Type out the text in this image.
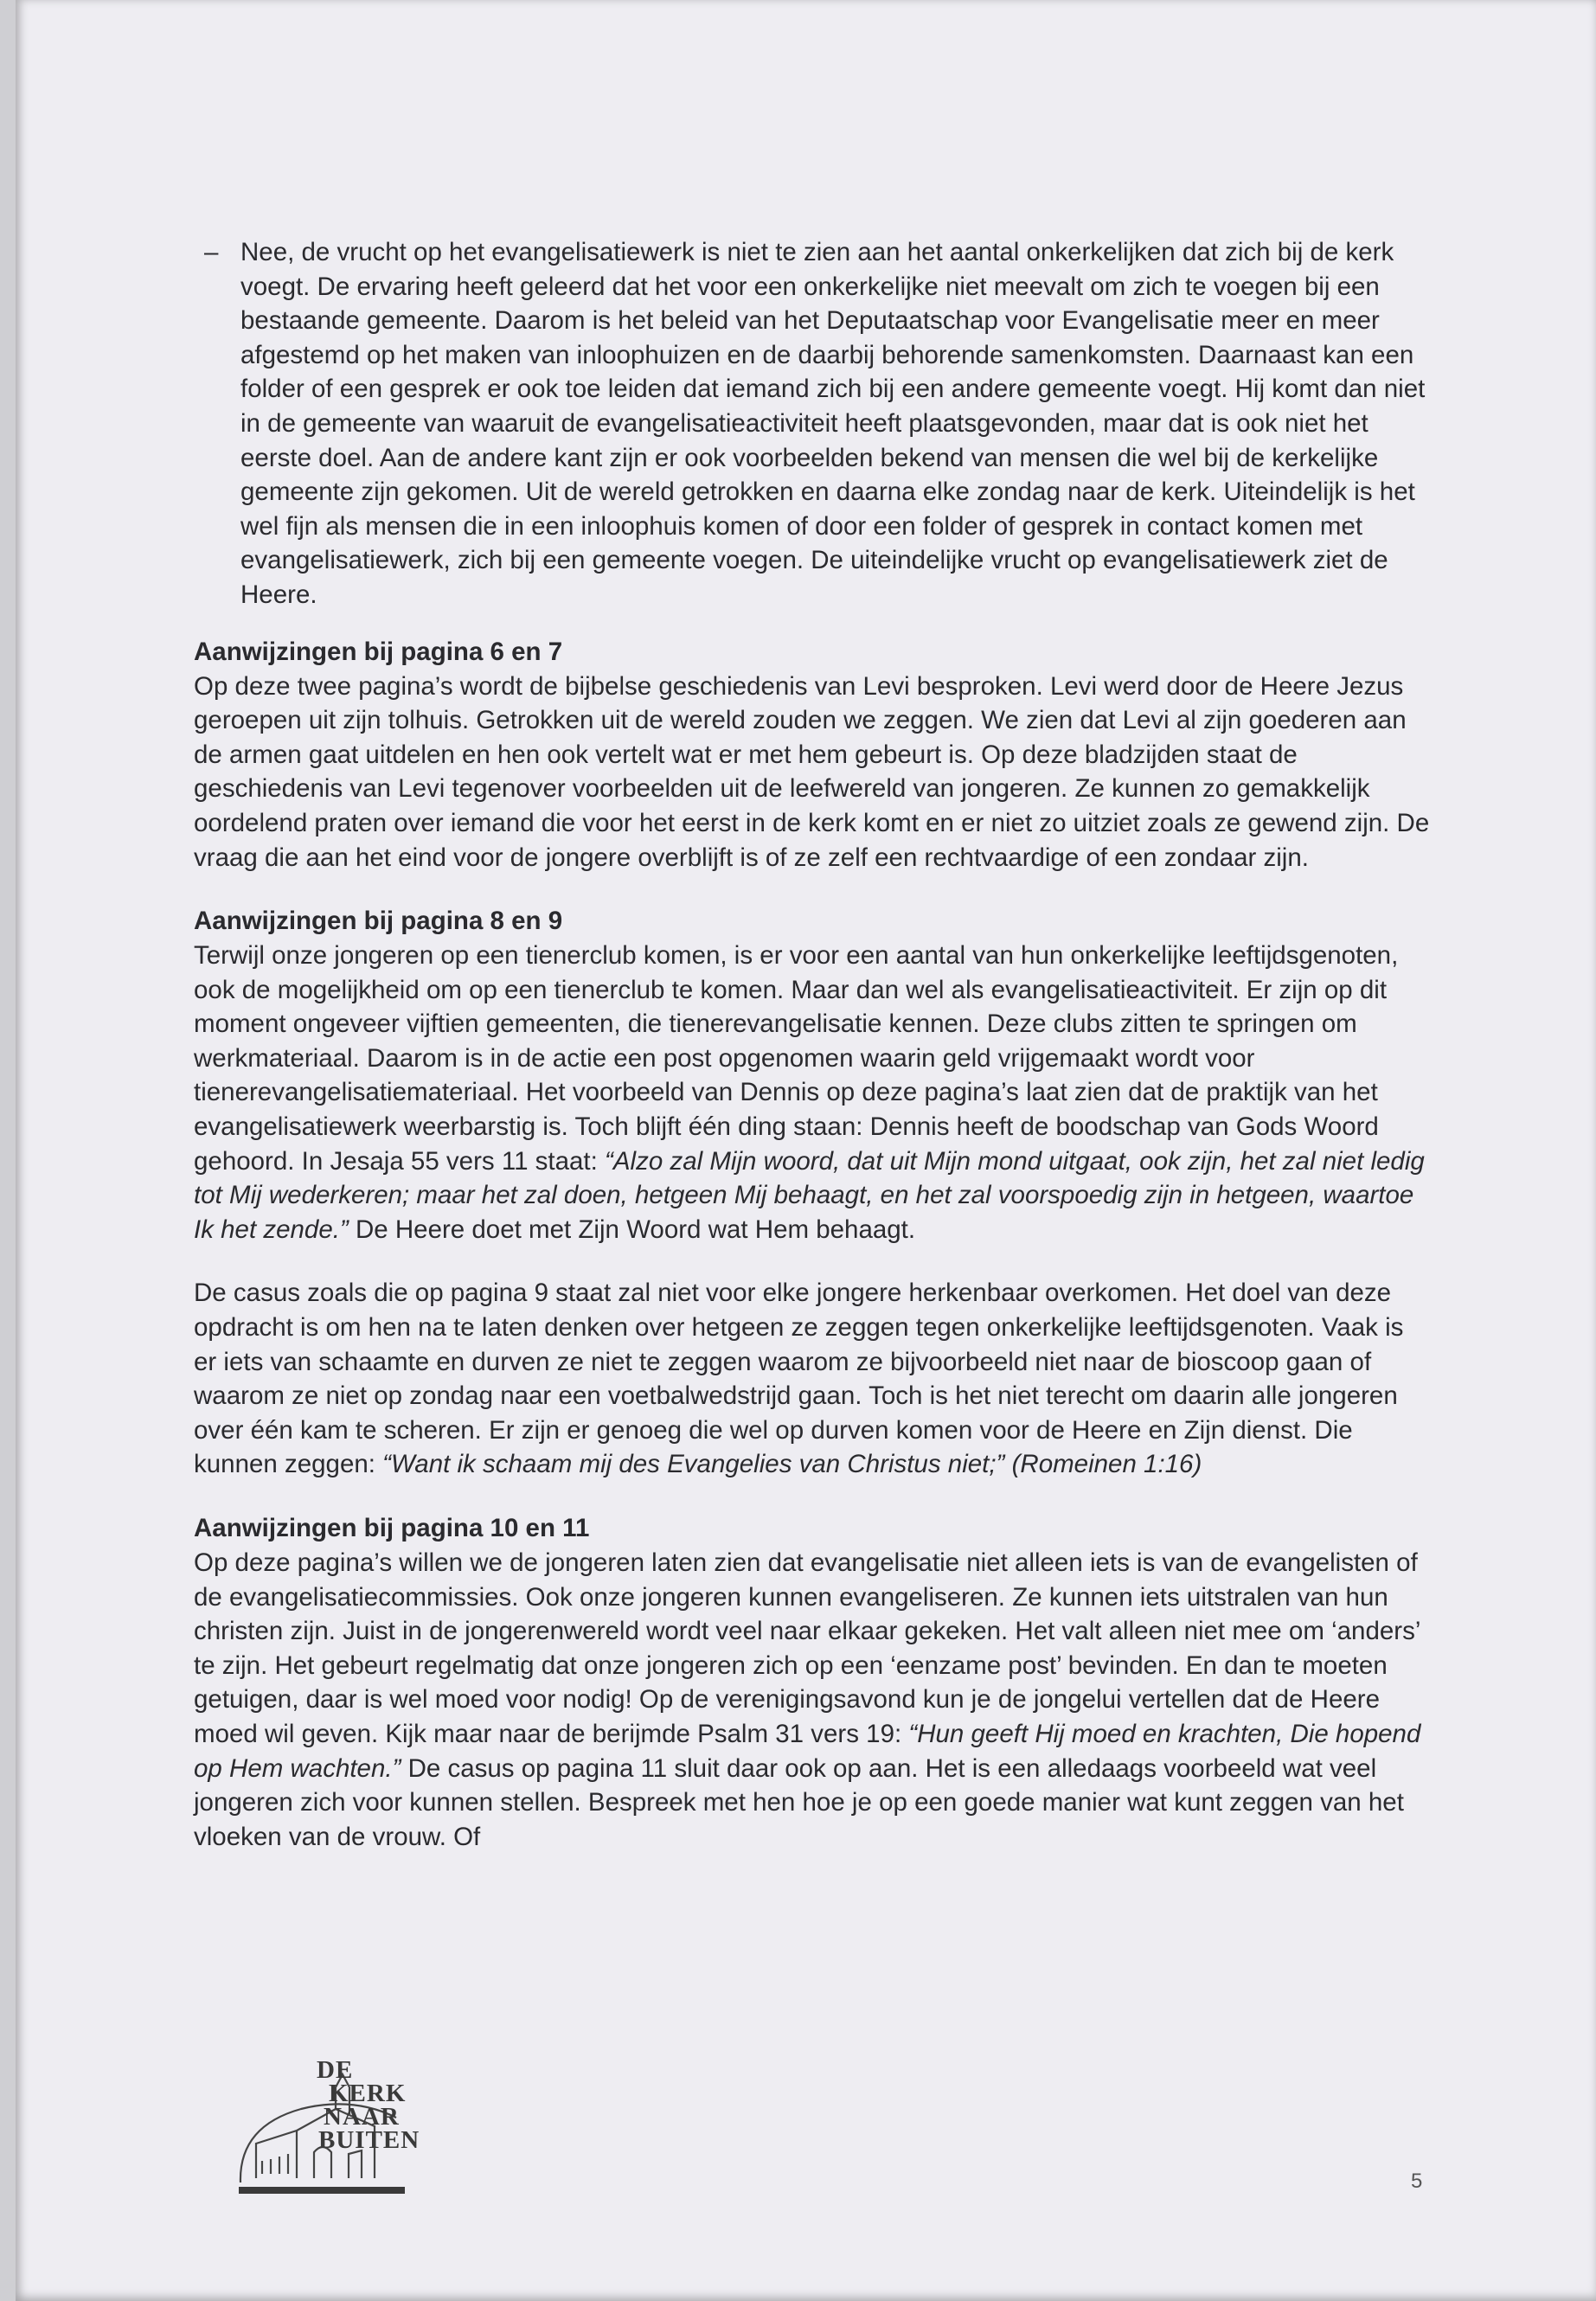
– Nee, de vrucht op het evangelisatiewerk is niet te zien aan het aantal onkerkelijken dat zich bij de kerk voegt. De ervaring heeft geleerd dat het voor een onkerkelijke niet meevalt om zich te voegen bij een bestaande gemeente. Daarom is het beleid van het Deputaatschap voor Evangelisatie meer en meer afgestemd op het maken van inloophuizen en de daarbij behorende samenkomsten. Daarnaast kan een folder of een gesprek er ook toe leiden dat iemand zich bij een andere gemeente voegt. Hij komt dan niet in de gemeente van waaruit de evangelisatieactiviteit heeft plaatsgevonden, maar dat is ook niet het eerste doel. Aan de andere kant zijn er ook voorbeelden bekend van mensen die wel bij de kerkelijke gemeente zijn gekomen. Uit de wereld getrokken en daarna elke zondag naar de kerk. Uiteindelijk is het wel fijn als mensen die in een inloophuis komen of door een folder of gesprek in contact komen met evangelisatiewerk, zich bij een gemeente voegen. De uiteindelijke vrucht op evangelisatiewerk ziet de Heere.
Aanwijzingen bij pagina 6 en 7

Op deze twee pagina’s wordt de bijbelse geschiedenis van Levi besproken. Levi werd door de Heere Jezus geroepen uit zijn tolhuis. Getrokken uit de wereld zouden we zeggen. We zien dat Levi al zijn goederen aan de armen gaat uitdelen en hen ook vertelt wat er met hem gebeurt is. Op deze bladzijden staat de geschiedenis van Levi tegenover voorbeelden uit de leefwereld van jongeren. Ze kunnen zo gemakkelijk oordelend praten over iemand die voor het eerst in de kerk komt en er niet zo uitziet zoals ze gewend zijn. De vraag die aan het eind voor de jongere overblijft is of ze zelf een rechtvaardige of een zondaar zijn.

Aanwijzingen bij pagina 8 en 9

Terwijl onze jongeren op een tienerclub komen, is er voor een aantal van hun onkerkelijke leeftijdsgenoten, ook de mogelijkheid om op een tienerclub te komen. Maar dan wel als evangelisatieactiviteit. Er zijn op dit moment ongeveer vijftien gemeenten, die tienerevangelisatie kennen. Deze clubs zitten te springen om werkmateriaal. Daarom is in de actie een post opgenomen waarin geld vrijgemaakt wordt voor tienerevangelisatiemateriaal. Het voorbeeld van Dennis op deze pagina’s laat zien dat de praktijk van het evangelisatiewerk weerbarstig is. Toch blijft één ding staan: Dennis heeft de boodschap van Gods Woord gehoord. In Jesaja 55 vers 11 staat: “Alzo zal Mijn woord, dat uit Mijn mond uitgaat, ook zijn, het zal niet ledig tot Mij wederkeren; maar het zal doen, hetgeen Mij behaagt, en het zal voorspoedig zijn in hetgeen, waartoe Ik het zende.” De Heere doet met Zijn Woord wat Hem behaagt.

De casus zoals die op pagina 9 staat zal niet voor elke jongere herkenbaar overkomen. Het doel van deze opdracht is om hen na te laten denken over hetgeen ze zeggen tegen onkerkelijke leeftijdsgenoten. Vaak is er iets van schaamte en durven ze niet te zeggen waarom ze bijvoorbeeld niet naar de bioscoop gaan of waarom ze niet op zondag naar een voetbalwedstrijd gaan. Toch is het niet terecht om daarin alle jongeren over één kam te scheren. Er zijn er genoeg die wel op durven komen voor de Heere en Zijn dienst. Die kunnen zeggen: “Want ik schaam mij des Evangelies van Christus niet;” (Romeinen 1:16)

Aanwijzingen bij pagina 10 en 11

Op deze pagina’s willen we de jongeren laten zien dat evangelisatie niet alleen iets is van de evangelisten of de evangelisatiecommissies. Ook onze jongeren kunnen evangeliseren. Ze kunnen iets uitstralen van hun christen zijn. Juist in de jongerenwereld wordt veel naar elkaar gekeken. Het valt alleen niet mee om ‘anders’ te zijn. Het gebeurt regelmatig dat onze jongeren zich op een ‘eenzame post’ bevinden. En dan te moeten getuigen, daar is wel moed voor nodig! Op de verenigingsavond kun je de jongelui vertellen dat de Heere moed wil geven. Kijk maar naar de berijmde Psalm 31 vers 19: “Hun geeft Hij moed en krachten, Die hopend op Hem wachten.” De casus op pagina 11 sluit daar ook op aan. Het is een alledaags voorbeeld wat veel jongeren zich voor kunnen stellen. Bespreek met hen hoe je op een goede manier wat kunt zeggen van het vloeken van de vrouw. Of

DE
KERK
NAAR
BUITEN
5
